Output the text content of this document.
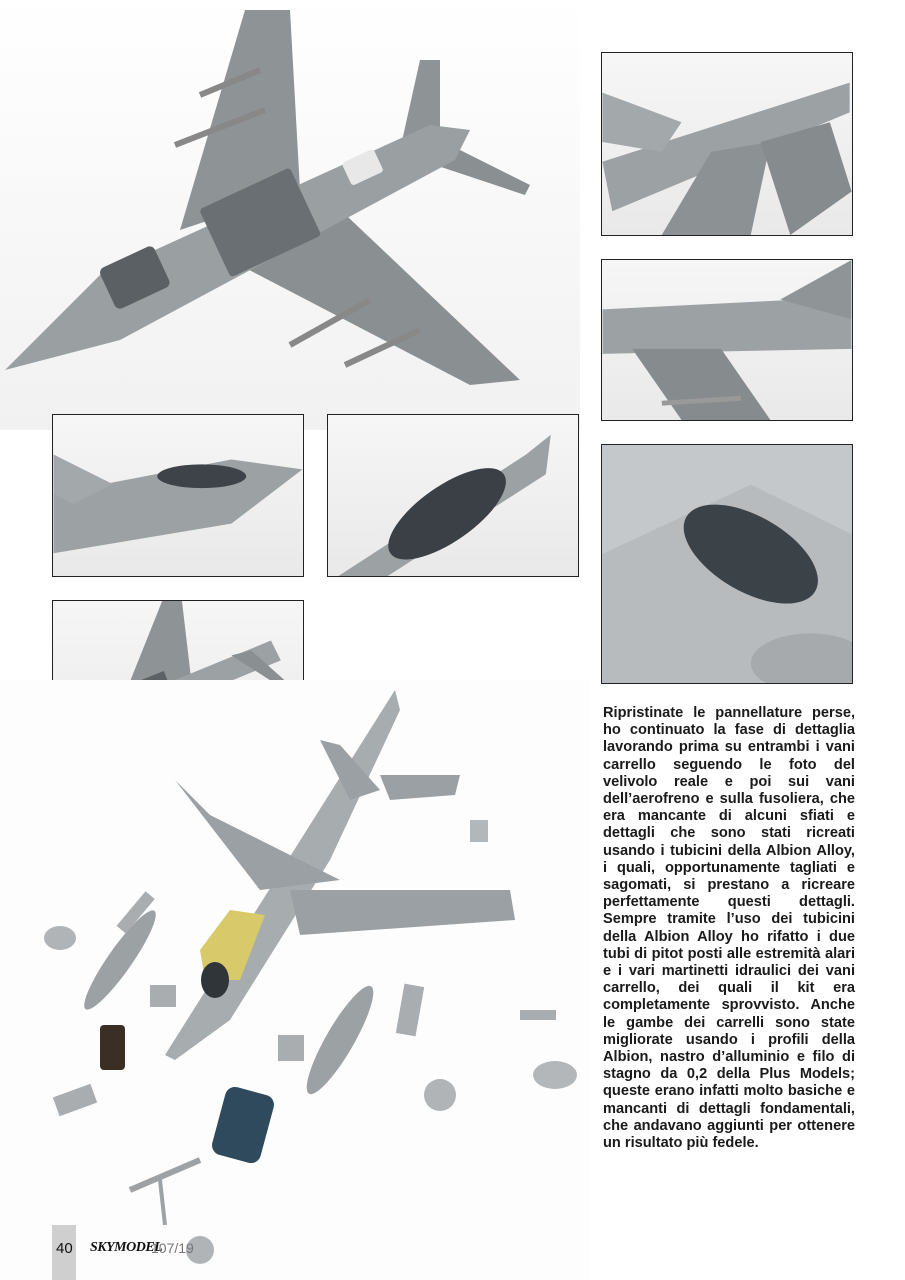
Ripristinate le pannellature perse, ho continuato la fase di dettaglia lavorando prima su entrambi i vani carrello seguendo le foto del velivolo reale e poi sui vani dell’aerofreno e sulla fusoliera, che era mancante di alcuni sfiati e dettagli che sono stati ricreati usando i tubicini della Albion Alloy, i quali, opportunamente tagliati e sagomati, si prestano a ricreare perfettamente questi dettagli. Sempre tramite l’uso dei tubicini della Albion Alloy ho rifatto i due tubi di pitot posti alle estremità alari e i vari martinetti idraulici dei vani carrello, dei quali il kit era completamente sprovvisto. Anche le gambe dei carrelli sono state migliorate usando i profili della Albion, nastro d’alluminio e filo di stagno da 0,2 della Plus Models; queste erano infatti molto basiche e mancanti di dettagli fondamentali, che andavano aggiunti per ottenere un risultato più fedele.

40 SKYMODEL
107/19
